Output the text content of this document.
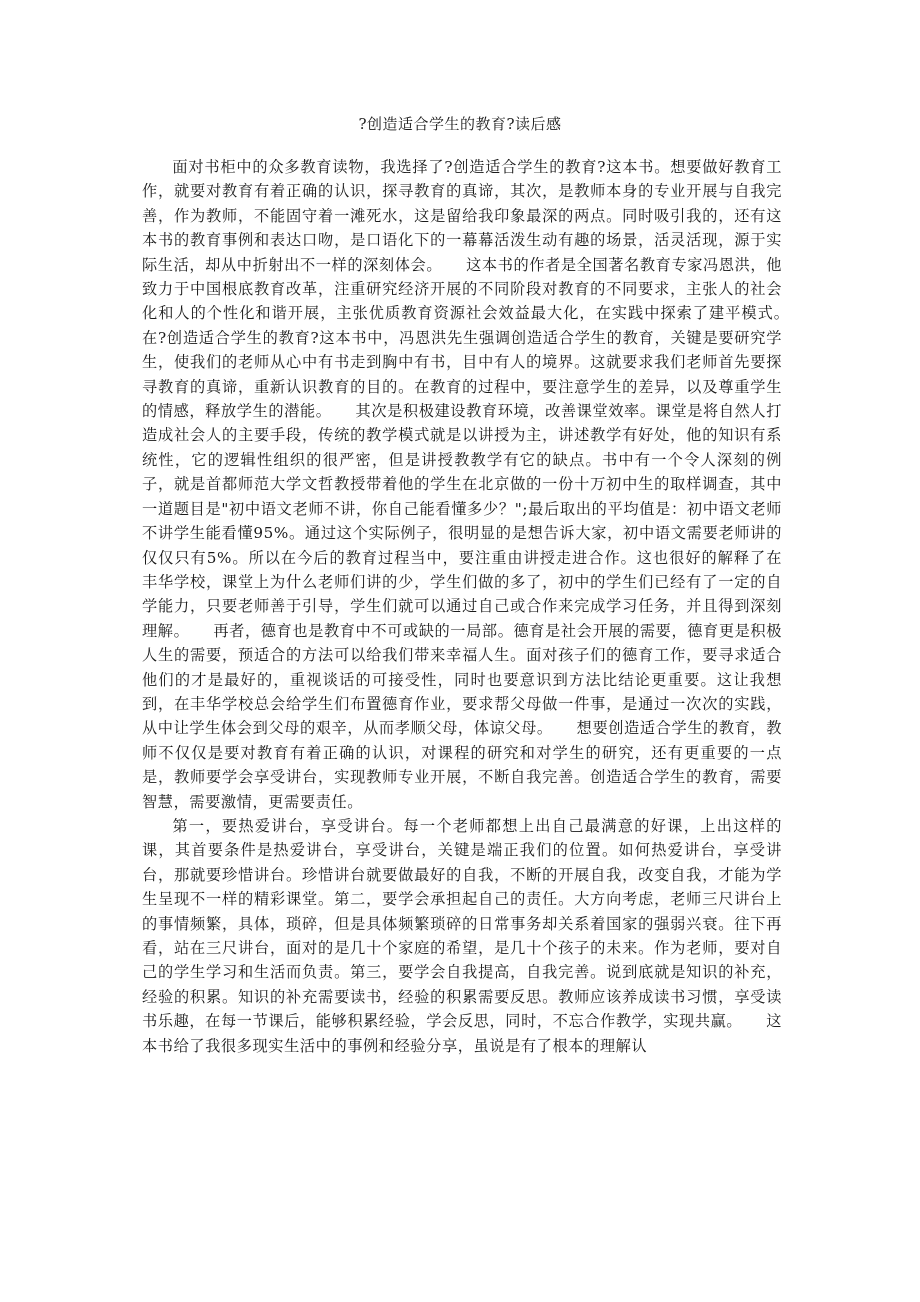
?创造适合学生的教育?读后感

面对书柜中的众多教育读物，我选择了?创造适合学生的教育?这本书。想要做好教育工作，就要对教育有着正确的认识，探寻教育的真谛，其次，是教师本身的专业开展与自我完善，作为教师，不能固守着一滩死水，这是留给我印象最深的两点。同时吸引我的，还有这本书的教育事例和表达口吻，是口语化下的一幕幕活泼生动有趣的场景，活灵活现，源于实际生活，却从中折射出不一样的深刻体会。　　这本书的作者是全国著名教育专家冯恩洪，他致力于中国根底教育改革，注重研究经济开展的不同阶段对教育的不同要求，主张人的社会化和人的个性化和谐开展，主张优质教育资源社会效益最大化，在实践中探索了建平模式。　　在?创造适合学生的教育?这本书中，冯恩洪先生强调创造适合学生的教育，关键是要研究学生，使我们的老师从心中有书走到胸中有书，目中有人的境界。这就要求我们老师首先要探寻教育的真谛，重新认识教育的目的。在教育的过程中，要注意学生的差异，以及尊重学生的情感，释放学生的潜能。　　其次是积极建设教育环境，改善课堂效率。课堂是将自然人打造成社会人的主要手段，传统的教学模式就是以讲授为主，讲述教学有好处，他的知识有系统性，它的逻辑性组织的很严密，但是讲授教教学有它的缺点。书中有一个令人深刻的例子，就是首都师范大学文哲教授带着他的学生在北京做的一份十万初中生的取样调查，其中一道题目是"初中语文老师不讲，你自己能看懂多少？";最后取出的平均值是：初中语文老师不讲学生能看懂95%。通过这个实际例子，很明显的是想告诉大家，初中语文需要老师讲的仅仅只有5%。所以在今后的教育过程当中，要注重由讲授走进合作。这也很好的解释了在丰华学校，课堂上为什么老师们讲的少，学生们做的多了，初中的学生们已经有了一定的自学能力，只要老师善于引导，学生们就可以通过自己或合作来完成学习任务，并且得到深刻理解。　　再者，德育也是教育中不可或缺的一局部。德育是社会开展的需要，德育更是积极人生的需要，预适合的方法可以给我们带来幸福人生。面对孩子们的德育工作，要寻求适合他们的才是最好的，重视谈话的可接受性，同时也要意识到方法比结论更重要。这让我想到，在丰华学校总会给学生们布置德育作业，要求帮父母做一件事，是通过一次次的实践，从中让学生体会到父母的艰辛，从而孝顺父母，体谅父母。　　想要创造适合学生的教育，教师不仅仅是要对教育有着正确的认识，对课程的研究和对学生的研究，还有更重要的一点是，教师要学会享受讲台，实现教师专业开展，不断自我完善。创造适合学生的教育，需要智慧，需要激情，更需要责任。

第一，要热爱讲台，享受讲台。每一个老师都想上出自己最满意的好课，上出这样的课，其首要条件是热爱讲台，享受讲台，关键是端正我们的位置。如何热爱讲台，享受讲台，那就要珍惜讲台。珍惜讲台就要做最好的自我，不断的开展自我，改变自我，才能为学生呈现不一样的精彩课堂。第二，要学会承担起自己的责任。大方向考虑，老师三尺讲台上的事情频繁，具体，琐碎，但是具体频繁琐碎的日常事务却关系着国家的强弱兴衰。往下再看，站在三尺讲台，面对的是几十个家庭的希望，是几十个孩子的未来。作为老师，要对自己的学生学习和生活而负责。第三，要学会自我提高，自我完善。说到底就是知识的补充，经验的积累。知识的补充需要读书，经验的积累需要反思。教师应该养成读书习惯，享受读书乐趣，在每一节课后，能够积累经验，学会反思，同时，不忘合作教学，实现共赢。　　这本书给了我很多现实生活中的事例和经验分享，虽说是有了根本的理解认
